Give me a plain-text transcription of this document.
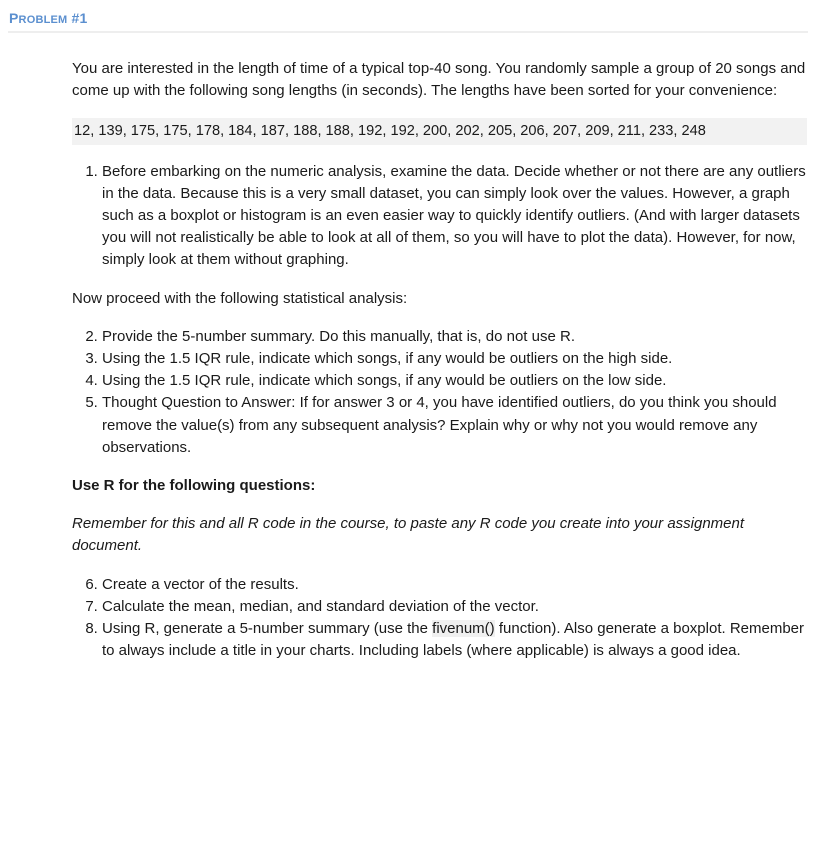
PROBLEM #1

You are interested in the length of time of a typical top-40 song. You randomly sample a group of 20 songs and come up with the following song lengths (in seconds). The lengths have been sorted for your convenience:

12, 139, 175, 175, 178, 184, 187, 188, 188, 192, 192, 200, 202, 205, 206, 207, 209, 211, 233, 248

1. Before embarking on the numeric analysis, examine the data. Decide whether or not there are any outliers in the data. Because this is a very small dataset, you can simply look over the values. However, a graph such as a boxplot or histogram is an even easier way to quickly identify outliers. (And with larger datasets you will not realistically be able to look at all of them, so you will have to plot the data). However, for now, simply look at them without graphing.

Now proceed with the following statistical analysis:

2. Provide the 5-number summary. Do this manually, that is, do not use R.
3. Using the 1.5 IQR rule, indicate which songs, if any would be outliers on the high side.
4. Using the 1.5 IQR rule, indicate which songs, if any would be outliers on the low side.
5. Thought Question to Answer: If for answer 3 or 4, you have identified outliers, do you think you should remove the value(s) from any subsequent analysis? Explain why or why not you would remove any observations.

Use R for the following questions:

Remember for this and all R code in the course, to paste any R code you create into your assignment document.

6. Create a vector of the results.
7. Calculate the mean, median, and standard deviation of the vector.
8. Using R, generate a 5-number summary (use the fivenum() function). Also generate a boxplot. Remember to always include a title in your charts. Including labels (where applicable) is always a good idea.
